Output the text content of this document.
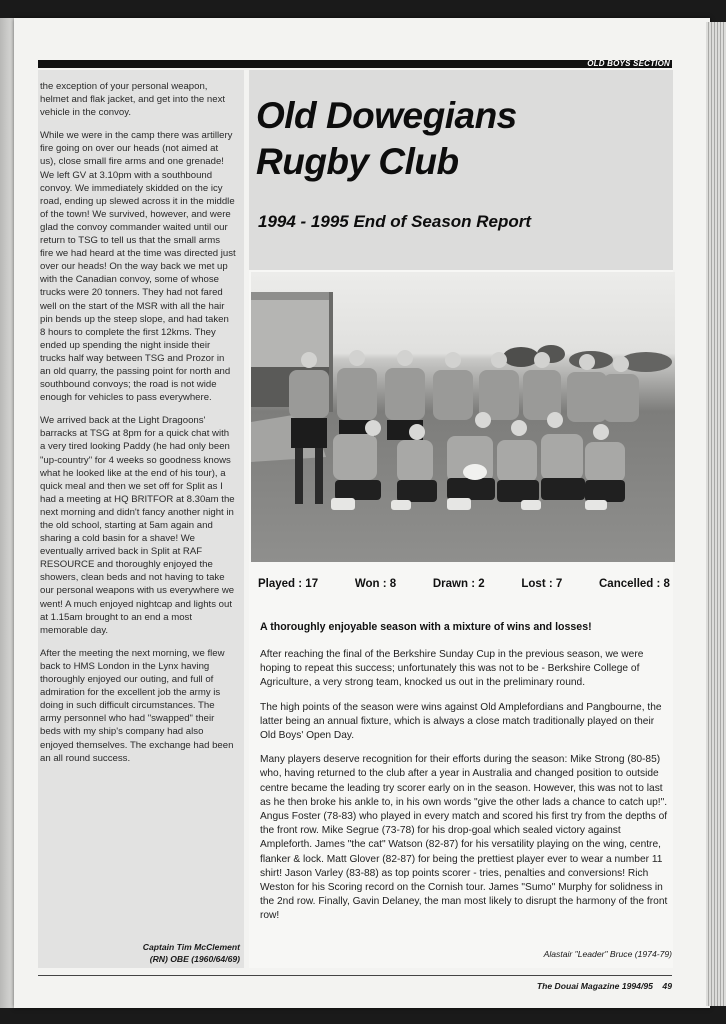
OLD BOYS SECTION

the exception of your personal weapon, helmet and flak jacket, and get into the next vehicle in the convoy.

While we were in the camp there was artillery fire going on over our heads (not aimed at us), close small fire arms and one grenade! We left GV at 3.10pm with a southbound convoy. We immediately skidded on the icy road, ending up slewed across it in the middle of the town! We survived, however, and were glad the convoy commander waited until our return to TSG to tell us that the small arms fire we had heard at the time was directed just over our heads! On the way back we met up with the Canadian convoy, some of whose trucks were 20 tonners. They had not fared well on the start of the MSR with all the hair pin bends up the steep slope, and had taken 8 hours to complete the first 12kms. They ended up spending the night inside their trucks half way between TSG and Prozor in an old quarry, the passing point for north and southbound convoys; the road is not wide enough for vehicles to pass everywhere.

We arrived back at the Light Dragoons' barracks at TSG at 8pm for a quick chat with a very tired looking Paddy (he had only been "up-country" for 4 weeks so goodness knows what he looked like at the end of his tour), a quick meal and then we set off for Split as I had a meeting at HQ BRITFOR at 8.30am the next morning and didn't fancy another night in the old school, starting at 5am again and sharing a cold basin for a shave! We eventually arrived back in Split at RAF RESOURCE and thoroughly enjoyed the showers, clean beds and not having to take our personal weapons with us everywhere we went! A much enjoyed nightcap and lights out at 1.15am brought to an end a most memorable day.

After the meeting the next morning, we flew back to HMS London in the Lynx having thoroughly enjoyed our outing, and full of admiration for the excellent job the army is doing in such difficult circumstances. The army personnel who had "swapped" their beds with my ship's company had also enjoyed themselves. The exchange had been an all round success.

Captain Tim McClement
(RN) OBE (1960/64/69)
Old Dowegians
Rugby Club
1994 - 1995 End of Season Report
Played : 17	Won : 8	Drawn : 2	Lost : 7	Cancelled : 8
A thoroughly enjoyable season with a mixture of wins and losses!

After reaching the final of the Berkshire Sunday Cup in the previous season, we were hoping to repeat this success; unfortunately this was not to be - Berkshire College of Agriculture, a very strong team, knocked us out in the preliminary round.

The high points of the season were wins against Old Amplefordians and Pangbourne, the latter being an annual fixture, which is always a close match traditionally played on their Old Boys' Open Day.

Many players deserve recognition for their efforts during the season: Mike Strong (80-85) who, having returned to the club after a year in Australia and changed position to outside centre became the leading try scorer early on in the season. However, this was not to last as he then broke his ankle to, in his own words "give the other lads a chance to catch up!". Angus Foster (78-83) who played in every match and scored his first try from the depths of the front row. Mike Segrue (73-78) for his drop-goal which sealed victory against Ampleforth. James "the cat" Watson (82-87) for his versatility playing on the wing, centre, flanker & lock. Matt Glover (82-87) for being the prettiest player ever to wear a number 11 shirt! Jason Varley (83-88) as top points scorer - tries, penalties and conversions! Rich Weston for his Scoring record on the Cornish tour. James "Sumo" Murphy for solidness in the 2nd row. Finally, Gavin Delaney, the man most likely to disrupt the harmony of the front row!

Alastair "Leader" Bruce (1974-79)
The Douai Magazine 1994/95    49
